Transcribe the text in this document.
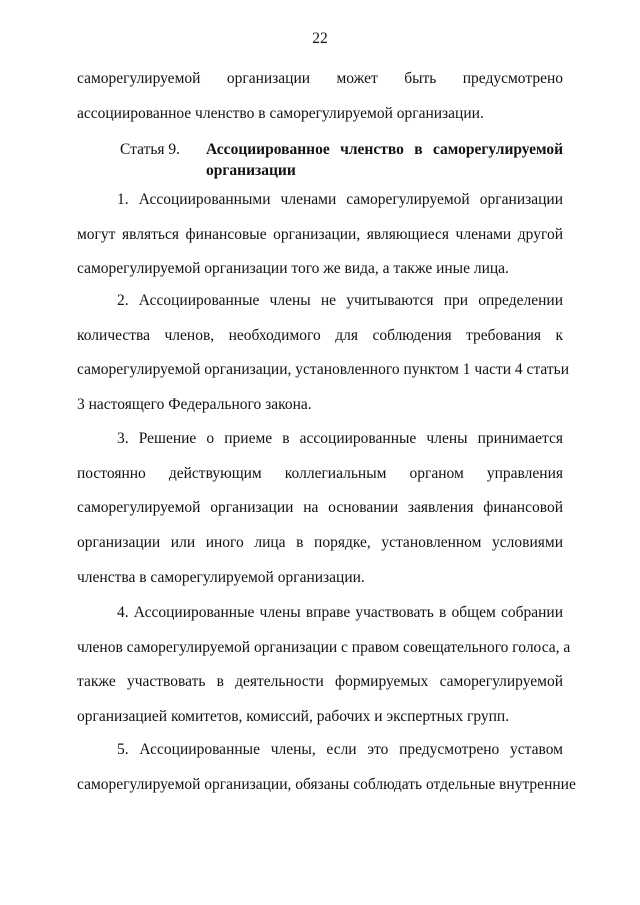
22
саморегулируемой организации может быть предусмотрено
ассоциированное членство в саморегулируемой организации.
Статья 9.	Ассоциированное членство в саморегулируемой
организации
1. Ассоциированными членами саморегулируемой организации
могут являться финансовые организации, являющиеся членами другой
саморегулируемой организации того же вида, а также иные лица.
2. Ассоциированные члены не учитываются при определении
количества членов, необходимого для соблюдения требования к
саморегулируемой организации, установленного пунктом 1 части 4 статьи
3 настоящего Федерального закона.
3. Решение о приеме в ассоциированные члены принимается
постоянно действующим коллегиальным органом управления
саморегулируемой организации на основании заявления финансовой
организации или иного лица в порядке, установленном условиями
членства в саморегулируемой организации.
4. Ассоциированные члены вправе участвовать в общем собрании
членов саморегулируемой организации с правом совещательного голоса, а
также участвовать в деятельности формируемых саморегулируемой
организацией комитетов, комиссий, рабочих и экспертных групп.
5. Ассоциированные члены, если это предусмотрено уставом
саморегулируемой организации, обязаны соблюдать отдельные внутренние
